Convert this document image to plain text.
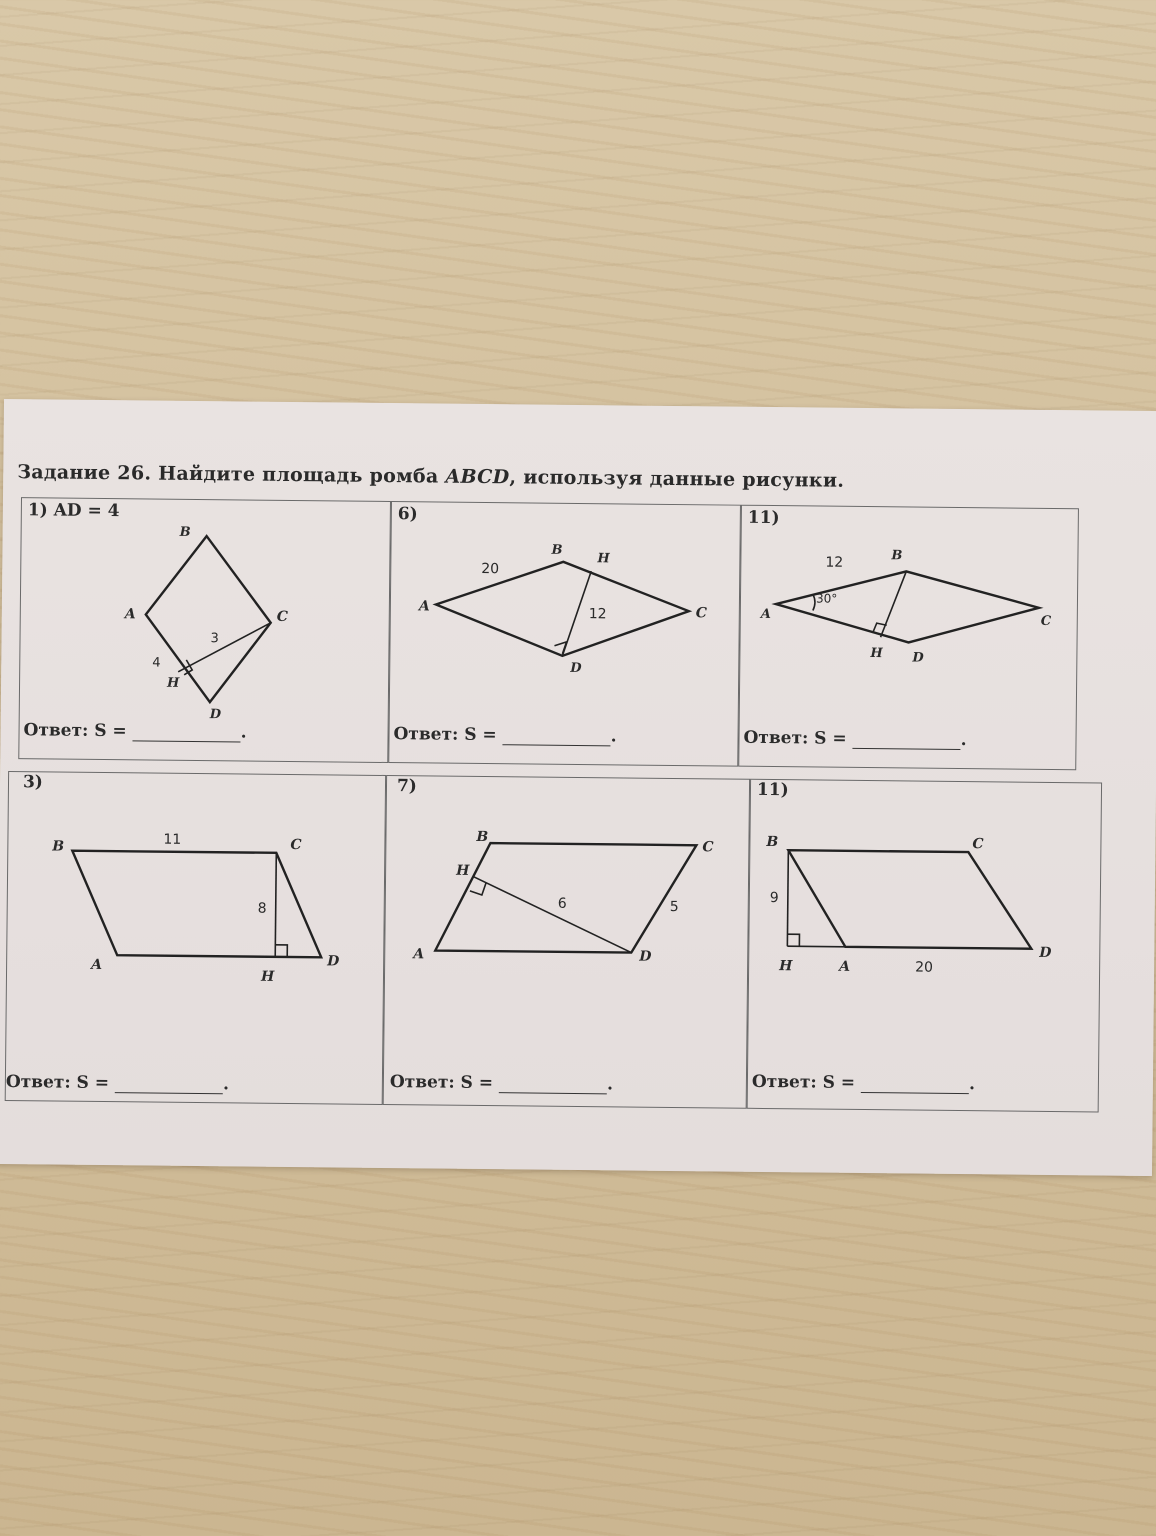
Задание 26. Найдите площадь ромба ABCD, используя данные рисунки.
1) AD = 4
B
A	C
D
H
4
3
Ответ: S =	.
6)
B
H
A	C
D
20
12
Ответ: S =	.
11)
B
A	C
D
H
12
30°
Ответ: S =	.
3)
B	C
A	D
H
11
8
Ответ: S =	.
7)
B
C
A	D
H
6	5
Ответ: S =	.
11)
B	C
A
D
H
9
20
Ответ: S =	.
